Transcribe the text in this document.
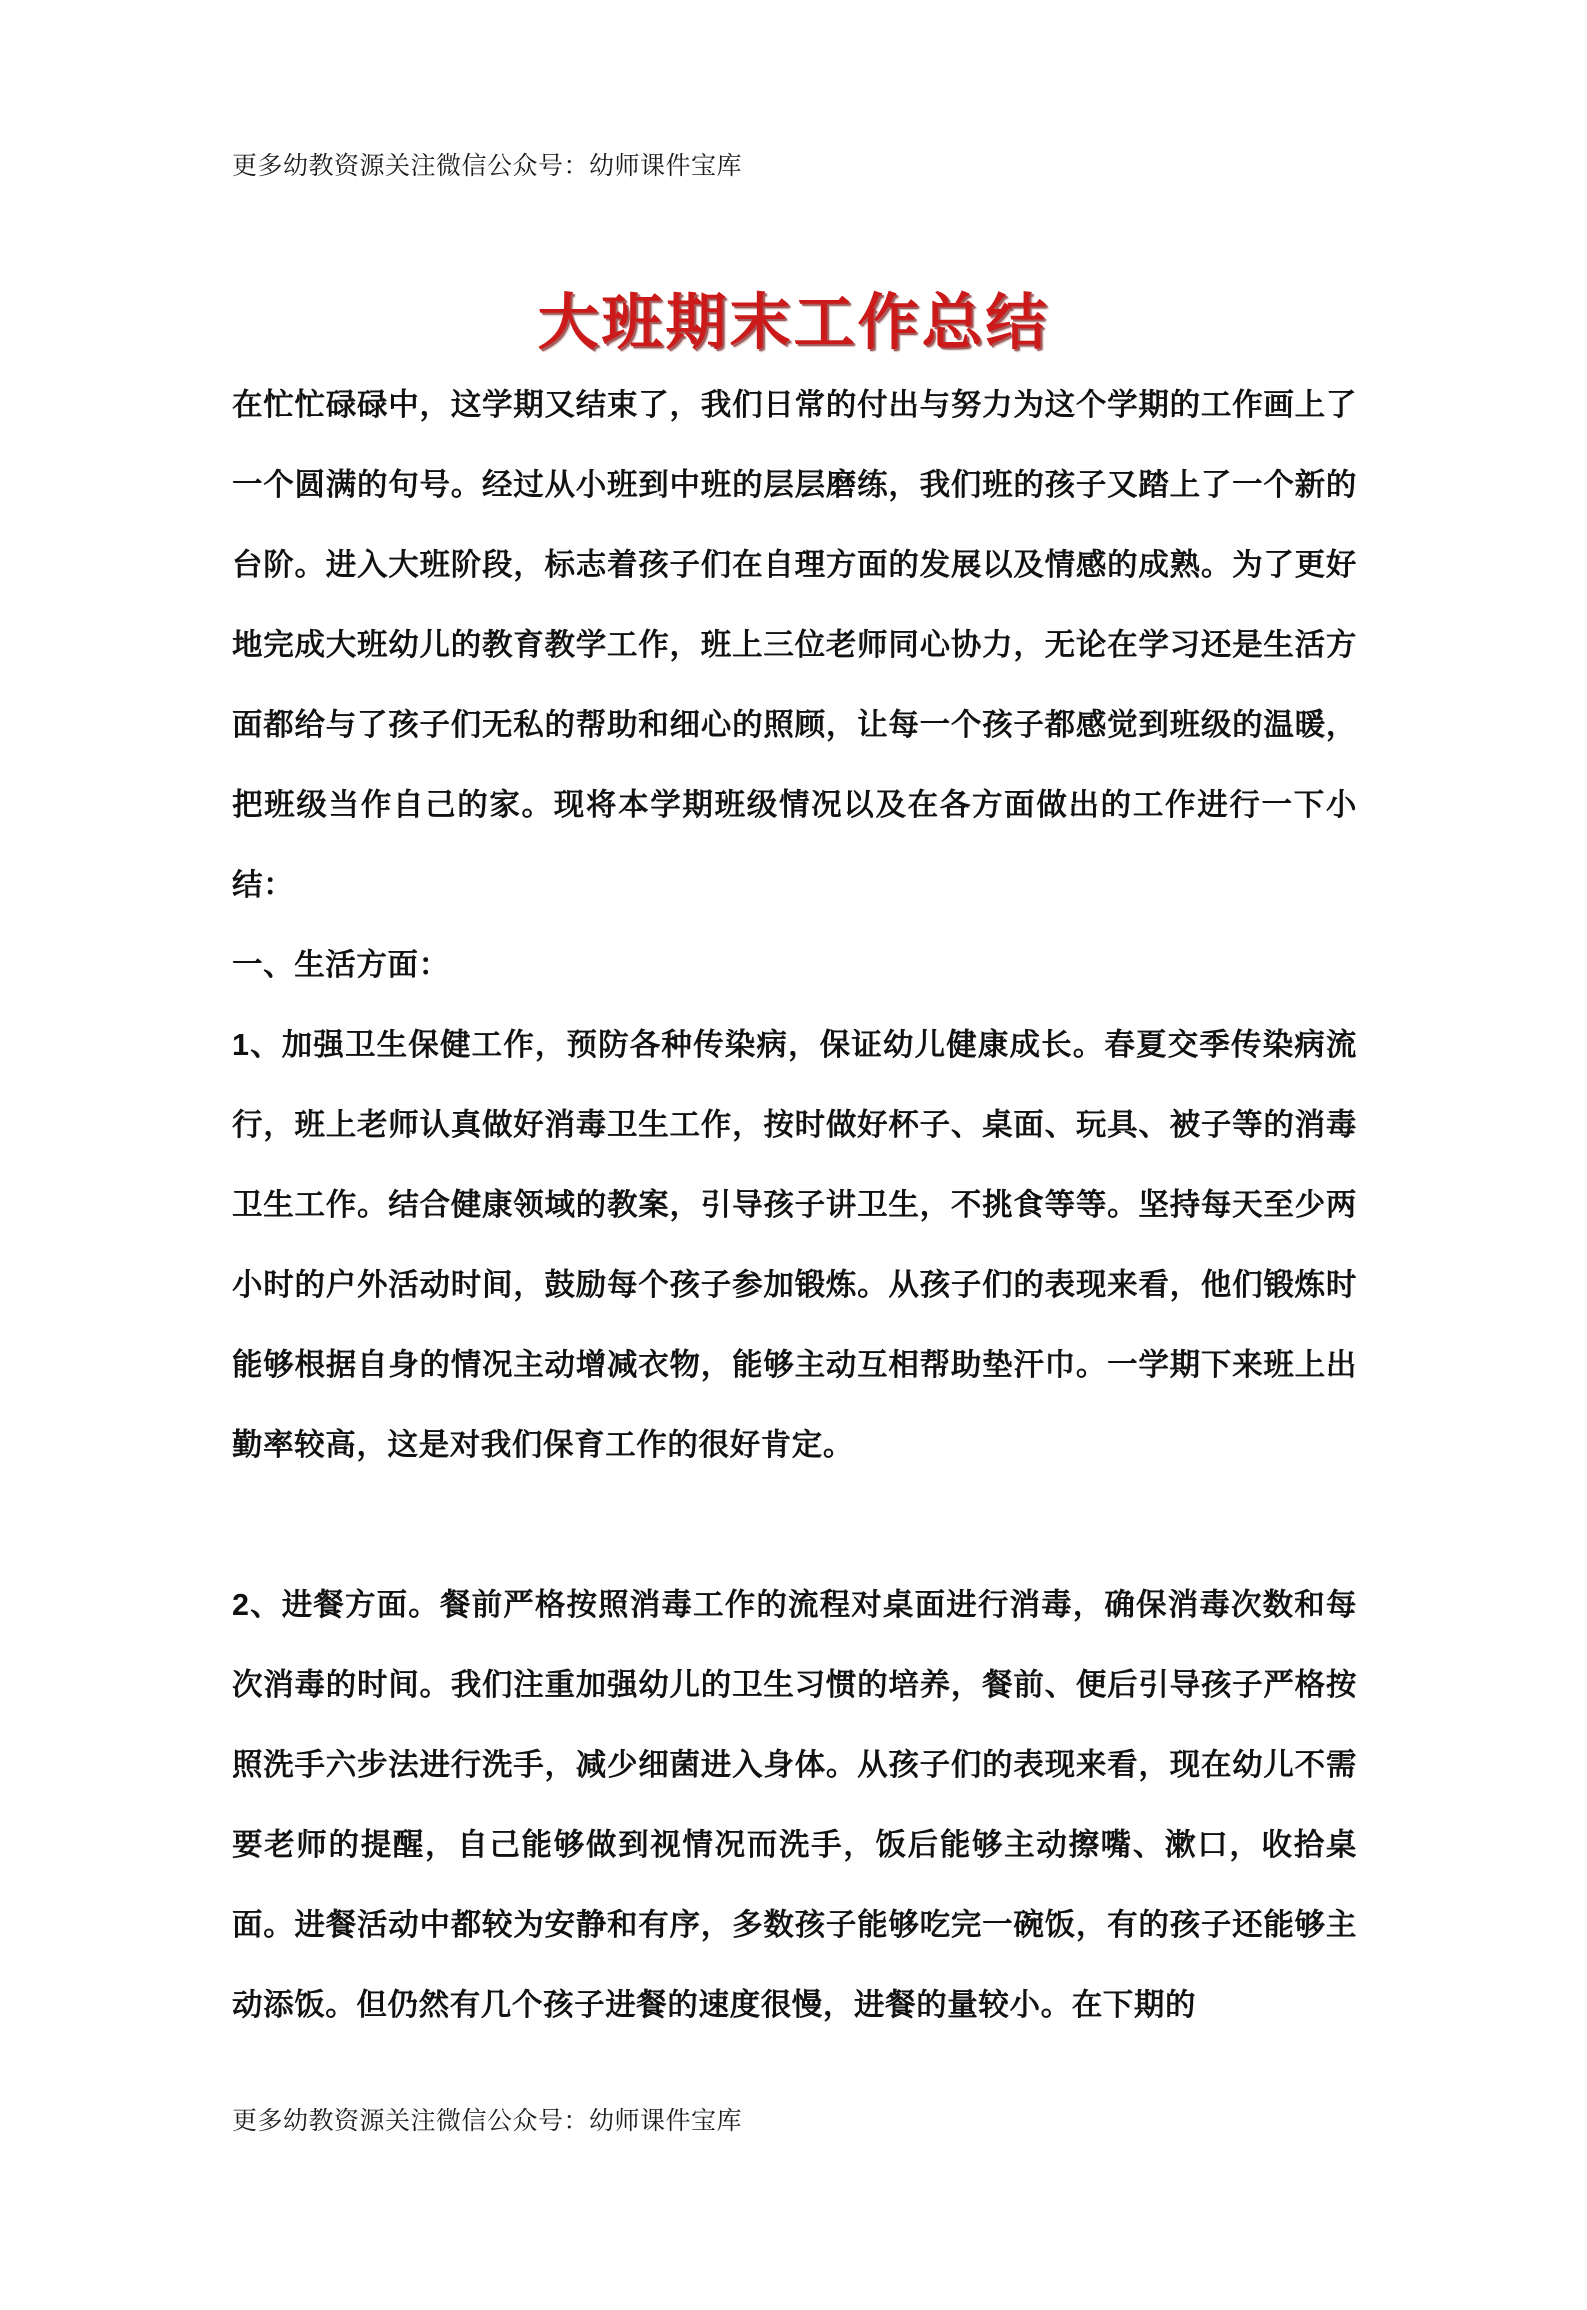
更多幼教资源关注微信公众号：幼师课件宝库
大班期末工作总结

在忙忙碌碌中，这学期又结束了，我们日常的付出与努力为这个学期的工作画上了一个圆满的句号。经过从小班到中班的层层磨练，我们班的孩子又踏上了一个新的台阶。进入大班阶段，标志着孩子们在自理方面的发展以及情感的成熟。为了更好地完成大班幼儿的教育教学工作，班上三位老师同心协力，无论在学习还是生活方面都给与了孩子们无私的帮助和细心的照顾，让每一个孩子都感觉到班级的温暖，把班级当作自己的家。现将本学期班级情况以及在各方面做出的工作进行一下小结：

一、生活方面：

1、加强卫生保健工作，预防各种传染病，保证幼儿健康成长。春夏交季传染病流行，班上老师认真做好消毒卫生工作，按时做好杯子、桌面、玩具、被子等的消毒卫生工作。结合健康领域的教案，引导孩子讲卫生，不挑食等等。坚持每天至少两小时的户外活动时间，鼓励每个孩子参加锻炼。从孩子们的表现来看，他们锻炼时能够根据自身的情况主动增减衣物，能够主动互相帮助垫汗巾。一学期下来班上出勤率较高，这是对我们保育工作的很好肯定。

2、进餐方面。餐前严格按照消毒工作的流程对桌面进行消毒，确保消毒次数和每次消毒的时间。我们注重加强幼儿的卫生习惯的培养，餐前、便后引导孩子严格按照洗手六步法进行洗手，减少细菌进入身体。从孩子们的表现来看，现在幼儿不需要老师的提醒，自己能够做到视情况而洗手，饭后能够主动擦嘴、漱口，收拾桌面。进餐活动中都较为安静和有序，多数孩子能够吃完一碗饭，有的孩子还能够主动添饭。但仍然有几个孩子进餐的速度很慢，进餐的量较小。在下期的

更多幼教资源关注微信公众号：幼师课件宝库
